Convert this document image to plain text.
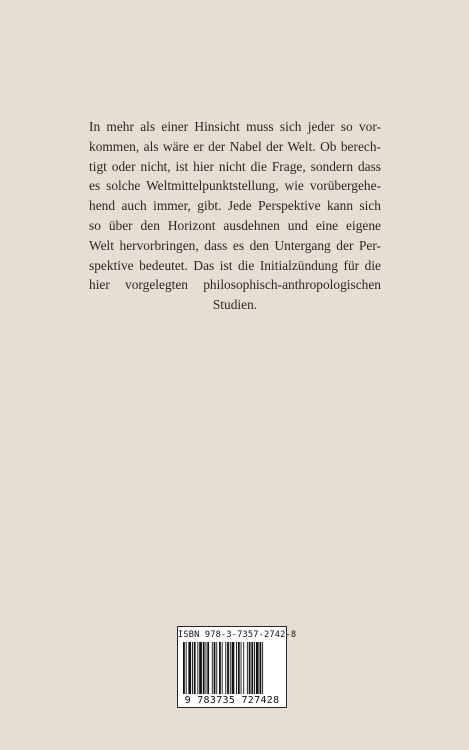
In mehr als einer Hinsicht muss sich jeder so vor-
kommen, als wäre er der Nabel der Welt. Ob berech-
tigt oder nicht, ist hier nicht die Frage, sondern dass
es solche Weltmittelpunktstellung, wie vorübergehe-
hend auch immer, gibt. Jede Perspektive kann sich
so über den Horizont ausdehnen und eine eigene
Welt hervorbringen, dass es den Untergang der Per-
spektive bedeutet. Das ist die Initialzündung für die
hier vorgelegten philosophisch-anthropologischen
Studien.
ISBN 978-3-7357-2742-8
9 783735 727428
